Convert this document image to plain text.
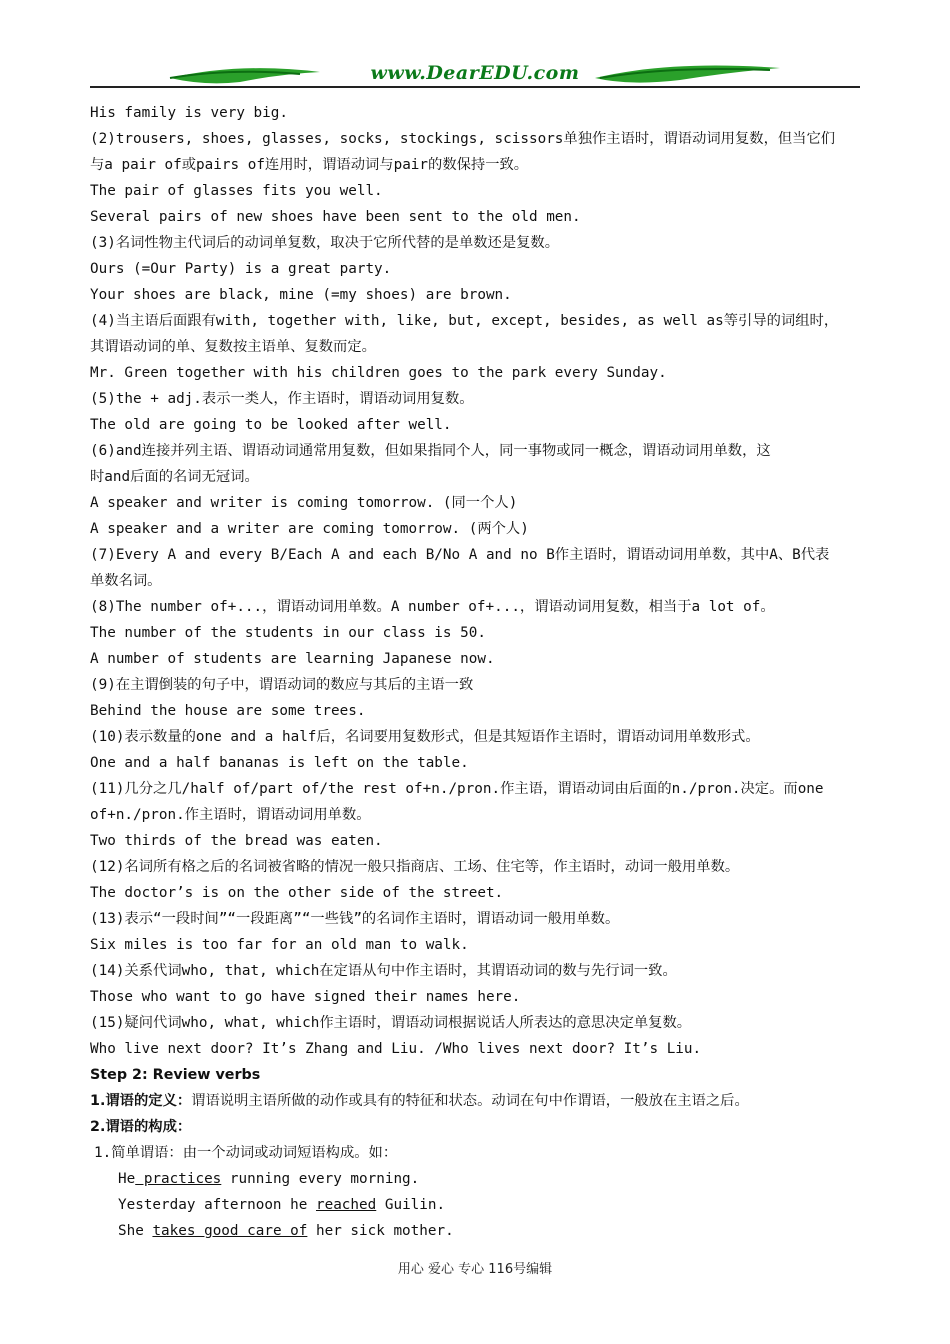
www.DearEDU.com
His family is very big.
(2)trousers, shoes, glasses, socks, stockings, scissors单独作主语时，谓语动词用复数，但当它们
与a pair of或pairs of连用时，谓语动词与pair的数保持一致。
The pair of glasses fits you well.
Several pairs of new shoes have been sent to the old men.
(3)名词性物主代词后的动词单复数，取决于它所代替的是单数还是复数。
Ours (=Our Party) is a great party.
Your shoes are black, mine (=my shoes) are brown.
(4)当主语后面跟有with, together with, like, but, except, besides, as well as等引导的词组时，
其谓语动词的单、复数按主语单、复数而定。
Mr. Green together with his children goes to the park every Sunday.
(5)the + adj.表示一类人，作主语时，谓语动词用复数。
The old are going to be looked after well.
(6)and连接并列主语、谓语动词通常用复数，但如果指同个人，同一事物或同一概念，谓语动词用单数，这
时and后面的名词无冠词。
A speaker and writer is coming tomorrow. (同一个人)
A speaker and a writer are coming tomorrow. (两个人)
(7)Every A and every B/Each A and each B/No A and no B作主语时，谓语动词用单数，其中A、B代表
单数名词。
(8)The number of+...，谓语动词用单数。A number of+...，谓语动词用复数，相当于a lot of。
The number of the students in our class is 50.
A number of students are learning Japanese now.
(9)在主谓倒装的句子中，谓语动词的数应与其后的主语一致
Behind the house are some trees.
(10)表示数量的one and a half后，名词要用复数形式，但是其短语作主语时，谓语动词用单数形式。
One and a half bananas is left on the table.
(11)几分之几/half of/part of/the rest of+n./pron.作主语，谓语动词由后面的n./pron.决定。而one
of+n./pron.作主语时，谓语动词用单数。
Two thirds of the bread was eaten.
(12)名词所有格之后的名词被省略的情况一般只指商店、工场、住宅等，作主语时，动词一般用单数。
The doctor’s is on the other side of the street.
(13)表示“一段时间”“一段距离”“一些钱”的名词作主语时，谓语动词一般用单数。
Six miles is too far for an old man to walk.
(14)关系代词who, that, which在定语从句中作主语时，其谓语动词的数与先行词一致。
Those who want to go have signed their names here.
(15)疑问代词who, what, which作主语时，谓语动词根据说话人所表达的意思决定单复数。
Who live next door? It’s Zhang and Liu. /Who lives next door? It’s Liu.
Step 2: Review verbs
1.谓语的定义：谓语说明主语所做的动作或具有的特征和状态。动词在句中作谓语，一般放在主语之后。
2.谓语的构成：
1.简单谓语：由一个动词或动词短语构成。如：
He practices running every morning.
Yesterday afternoon he reached Guilin.
She takes good care of her sick mother.
用心 爱心 专心 116号编辑
